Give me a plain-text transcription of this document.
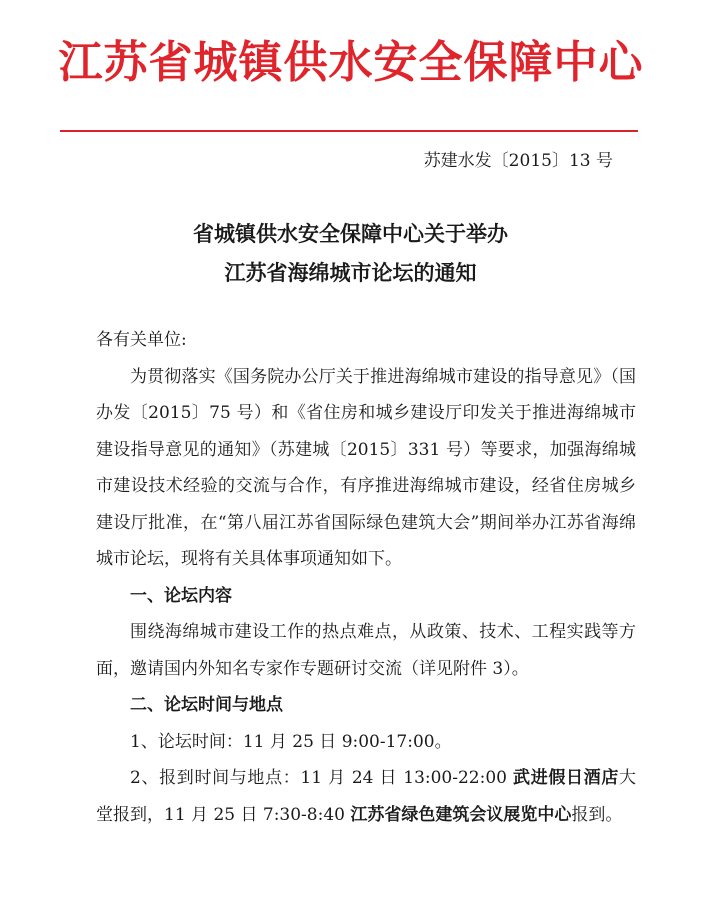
江苏省城镇供水安全保障中心
苏建水发〔2015〕13 号
省城镇供水安全保障中心关于举办
江苏省海绵城市论坛的通知

各有关单位:

为贯彻落实《国务院办公厅关于推进海绵城市建设的指导意见》（国办发〔2015〕75 号）和《省住房和城乡建设厅印发关于推进海绵城市建设指导意见的通知》（苏建城〔2015〕331 号）等要求，加强海绵城市建设技术经验的交流与合作，有序推进海绵城市建设，经省住房城乡建设厅批准，在“第八届江苏省国际绿色建筑大会”期间举办江苏省海绵城市论坛，现将有关具体事项通知如下。

一、论坛内容

围绕海绵城市建设工作的热点难点，从政策、技术、工程实践等方面，邀请国内外知名专家作专题研讨交流（详见附件 3）。

二、论坛时间与地点

1、论坛时间：11 月 25 日 9:00-17:00。

2、报到时间与地点：11 月 24 日 13:00-22:00 武进假日酒店大堂报到，11 月 25 日 7:30-8:40 江苏省绿色建筑会议展览中心报到。
